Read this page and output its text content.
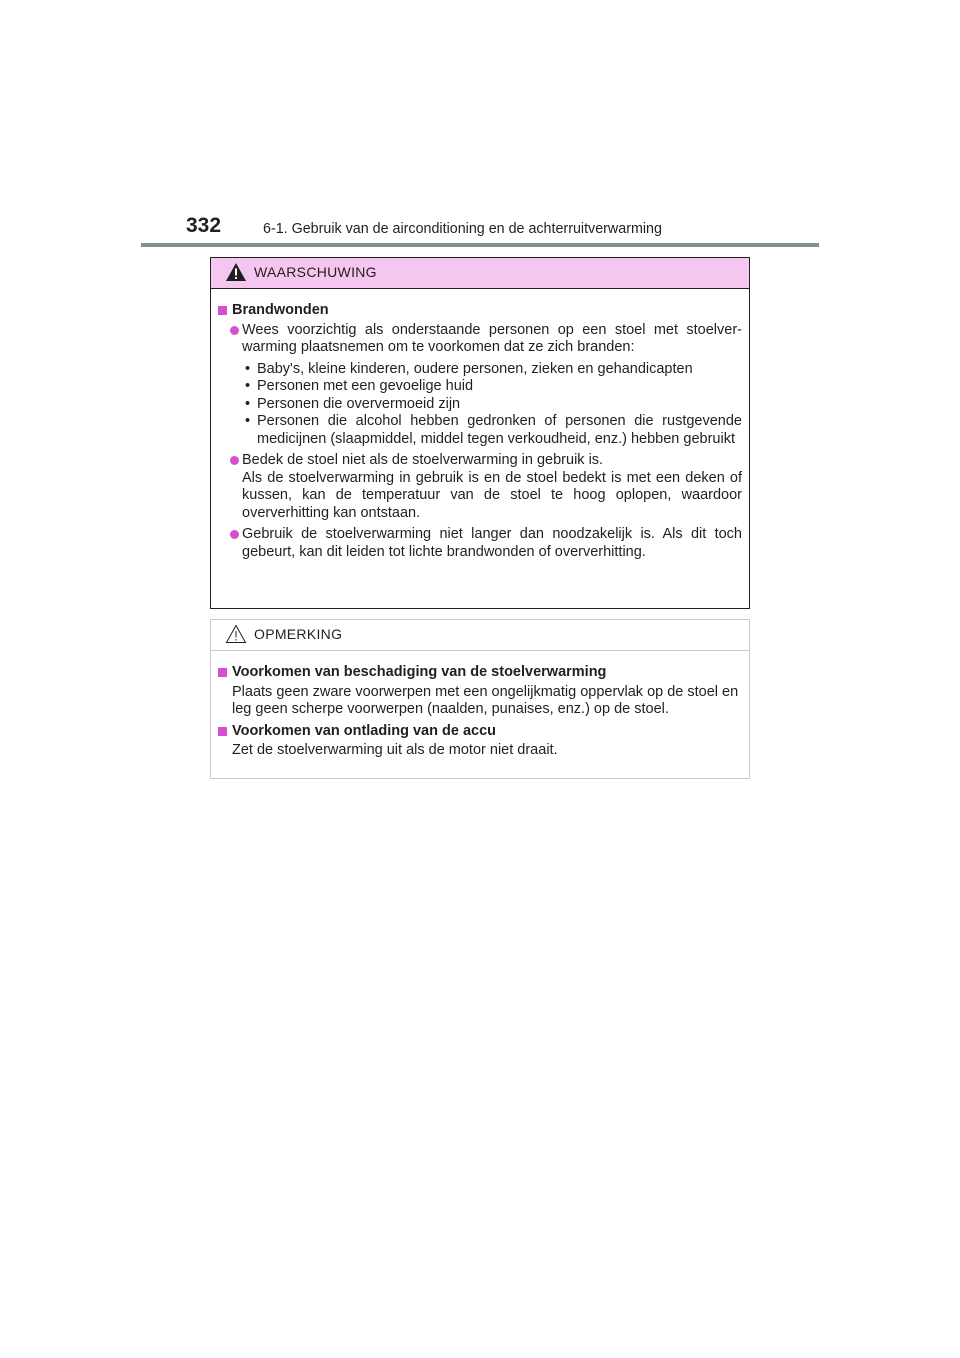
332	6-1. Gebruik van de airconditioning en de achterruitverwarming
WAARSCHUWING
Brandwonden
Wees voorzichtig als onderstaande personen op een stoel met stoelver-warming plaatsnemen om te voorkomen dat ze zich branden:
• Baby's, kleine kinderen, oudere personen, zieken en gehandicapten
• Personen met een gevoelige huid
• Personen die oververmoeid zijn
• Personen die alcohol hebben gedronken of personen die rustgevende medicijnen (slaapmiddel, middel tegen verkoudheid, enz.) hebben gebruikt
Bedek de stoel niet als de stoelverwarming in gebruik is.
Als de stoelverwarming in gebruik is en de stoel bedekt is met een deken of kussen, kan de temperatuur van de stoel te hoog oplopen, waardoor oververhitting kan ontstaan.
Gebruik de stoelverwarming niet langer dan noodzakelijk is. Als dit toch gebeurt, kan dit leiden tot lichte brandwonden of oververhitting.
OPMERKING
Voorkomen van beschadiging van de stoelverwarming
Plaats geen zware voorwerpen met een ongelijkmatig oppervlak op de stoel en leg geen scherpe voorwerpen (naalden, punaises, enz.) op de stoel.
Voorkomen van ontlading van de accu
Zet de stoelverwarming uit als de motor niet draait.
